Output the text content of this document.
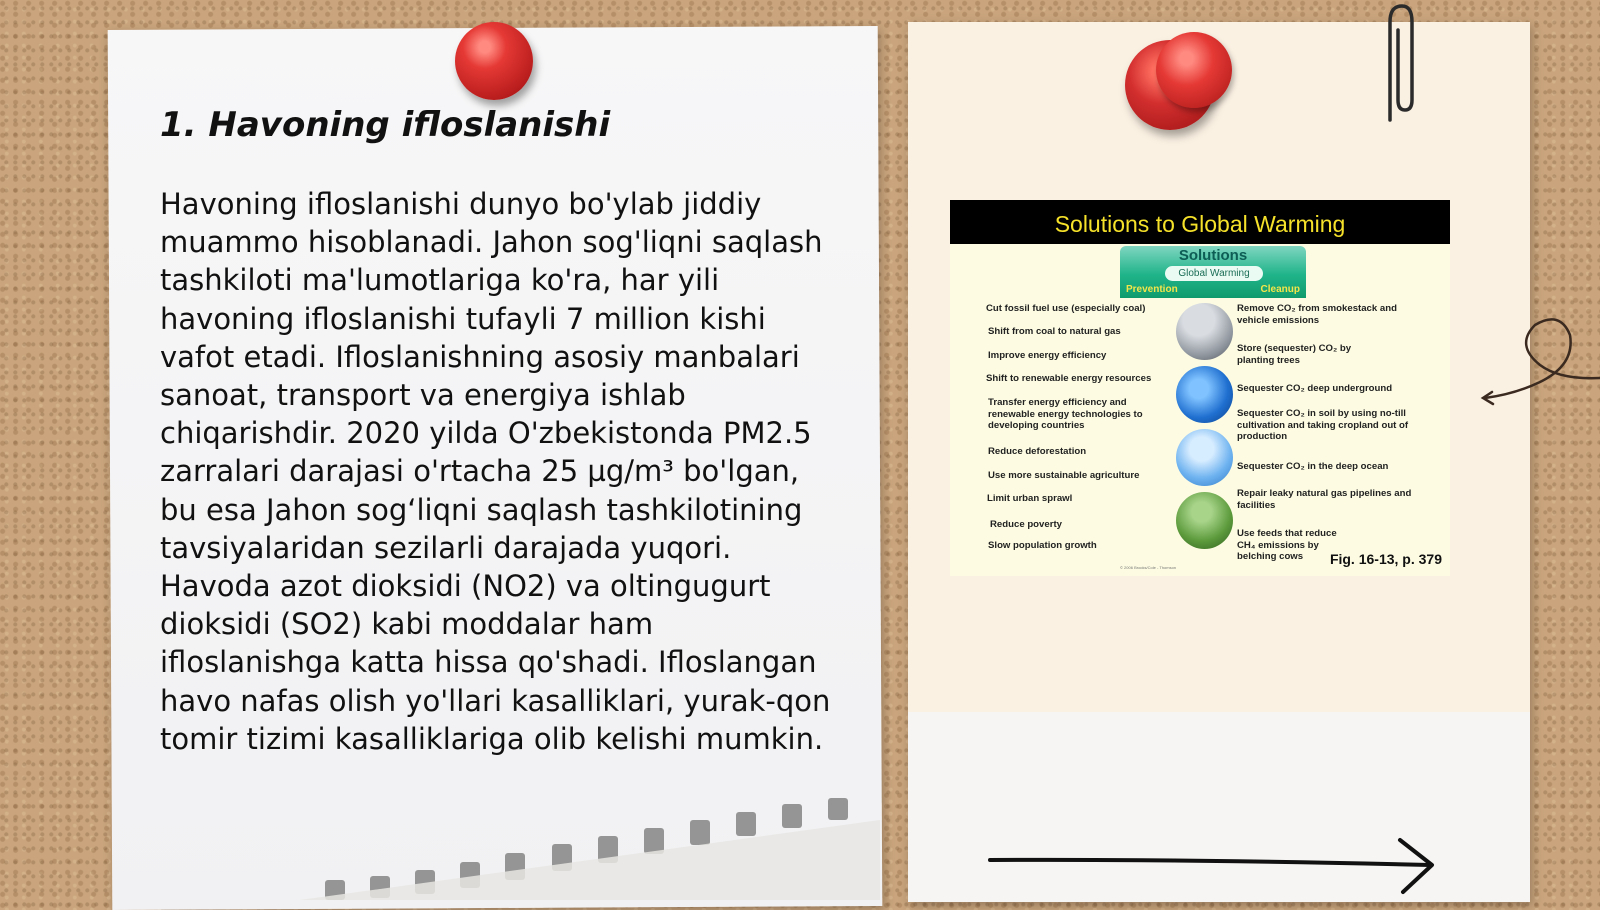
1. Havoning ifloslanishi

Havoning ifloslanishi dunyo bo'ylab jiddiy muammo hisoblanadi. Jahon sog'liqni saqlash tashkiloti ma'lumotlariga ko'ra, har yili havoning ifloslanishi tufayli 7 million kishi vafot etadi. Ifloslanishning asosiy manbalari sanoat, transport va energiya ishlab chiqarishdir. 2020 yilda O'zbekistonda PM2.5 zarralari darajasi o'rtacha 25 µg/m³ bo'lgan, bu esa Jahon sog‘liqni saqlash tashkilotining tavsiyalaridan sezilarli darajada yuqori. Havoda azot dioksidi (NO2) va oltingugurt dioksidi (SO2) kabi moddalar ham ifloslanishga katta hissa qo'shadi. Ifloslangan havo nafas olish yo'llari kasalliklari, yurak-qon tomir tizimi kasalliklariga olib kelishi mumkin.

Solutions to Global Warming
Solutions
Global Warming
Prevention	Cleanup
Cut fossil fuel use (especially coal)
Shift from coal to natural gas
Improve energy efficiency
Shift to renewable energy resources
Transfer energy efficiency and renewable energy technologies to developing countries
Reduce deforestation
Use more sustainable agriculture
Limit urban sprawl
Reduce poverty
Slow population growth
Remove CO₂ from smokestack and vehicle emissions
Store (sequester) CO₂ by planting trees
Sequester CO₂ deep underground
Sequester CO₂ in soil by using no-till cultivation and taking cropland out of production
Sequester CO₂ in the deep ocean
Repair leaky natural gas pipelines and facilities
Use feeds that reduce CH₄ emissions by belching cows
© 2006 Brooks/Cole - Thomson
Fig. 16-13, p. 379
